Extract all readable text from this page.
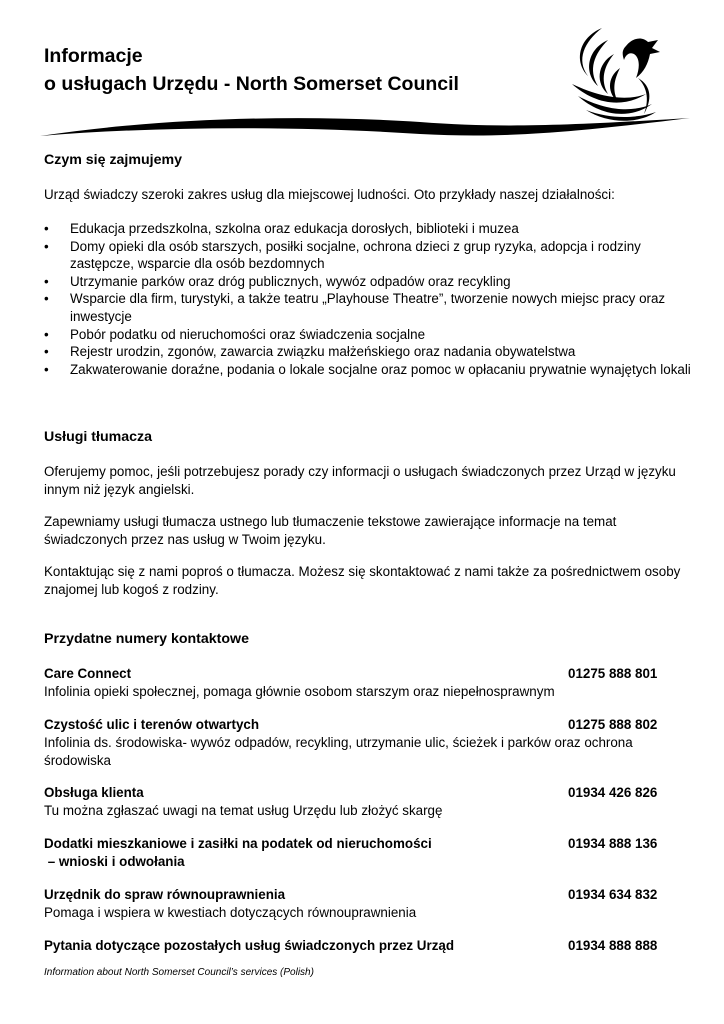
Informacje
o usługach Urzędu - North Somerset Council
Czym się zajmujemy

Urząd świadczy szeroki zakres usług dla miejscowej ludności. Oto przykłady naszej działalności:

• Edukacja przedszkolna, szkolna oraz edukacja dorosłych, biblioteki i muzea
• Domy opieki dla osób starszych, posiłki socjalne, ochrona dzieci z grup ryzyka, adopcja i rodziny zastępcze, wsparcie dla osób bezdomnych
• Utrzymanie parków oraz dróg publicznych, wywóz odpadów oraz recykling
• Wsparcie dla firm, turystyki, a także teatru „Playhouse Theatre”, tworzenie nowych miejsc pracy oraz inwestycje
• Pobór podatku od nieruchomości oraz świadczenia socjalne
• Rejestr urodzin, zgonów, zawarcia związku małżeńskiego oraz nadania obywatelstwa
• Zakwaterowanie doraźne, podania o lokale socjalne oraz pomoc w opłacaniu prywatnie wynajętych lokali
Usługi tłumacza

Oferujemy pomoc, jeśli potrzebujesz porady czy informacji o usługach świadczonych przez Urząd w języku innym niż język angielski.

Zapewniamy usługi tłumacza ustnego lub tłumaczenie tekstowe zawierające informacje na temat świadczonych przez nas usług w Twoim języku.

Kontaktując się z nami poproś o tłumacza. Możesz się skontaktować z nami także za pośrednictwem osoby znajomej lub kogoś z rodziny.

Przydatne numery kontaktowe
Care Connect	01275 888 801
Infolinia opieki społecznej, pomaga głównie osobom starszym oraz niepełnosprawnym
Czystość ulic i terenów otwartych	01275 888 802
Infolinia ds. środowiska- wywóz odpadów, recykling, utrzymanie ulic, ścieżek i parków oraz ochrona środowiska
Obsługa klienta	01934 426 826
Tu można zgłaszać uwagi na temat usług Urzędu lub złożyć skargę
Dodatki mieszkaniowe i zasiłki na podatek od nieruchomości	01934 888 136
– wnioski i odwołania
Urzędnik do spraw równouprawnienia	01934 634 832
Pomaga i wspiera w kwestiach dotyczących równouprawnienia
Pytania dotyczące pozostałych usług świadczonych przez Urząd	01934 888 888

Information about North Somerset Council’s services (Polish)
